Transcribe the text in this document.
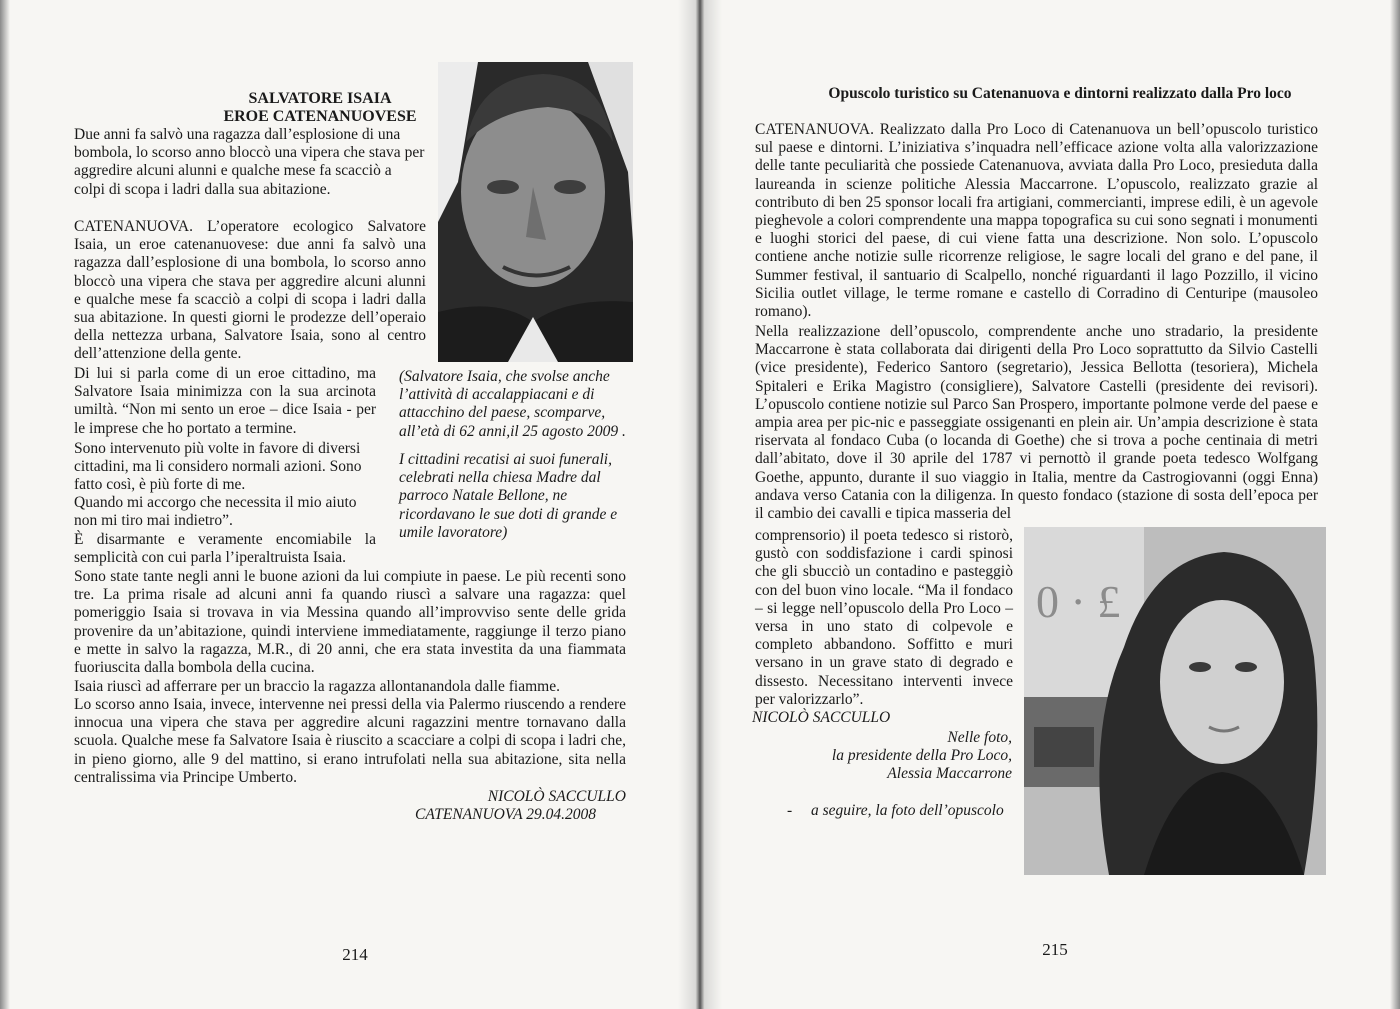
SALVATORE ISAIA
EROE CATENANUOVESE

Due anni fa salvò una ragazza dall’esplosione di una bombola, lo scorso anno bloccò una vipera che stava per aggredire alcuni alunni e qualche mese fa scacciò a colpi di scopa i ladri dalla sua abitazione.

CATENANUOVA. L’operatore ecologico Salvatore Isaia, un eroe catenanuovese: due anni fa salvò una ragazza dall’esplosione di una bombola, lo scorso anno bloccò una vipera che stava per aggredire alcuni alunni e qualche mese fa scacciò a colpi di scopa i ladri dalla sua abitazione. In questi giorni le prodezze dell’operaio della nettezza urbana, Salvatore Isaia, sono al centro dell’attenzione della gente.

Di lui si parla come di un eroe cittadino, ma Salvatore Isaia minimizza con la sua arcinota umiltà. “Non mi sento un eroe – dice Isaia - per le imprese che ho portato a termine.

Sono intervenuto più volte in favore di diversi cittadini, ma li considero normali azioni. Sono fatto così, è più forte di me.

Quando mi accorgo che necessita il mio aiuto non mi tiro mai indietro”.

È disarmante e veramente encomiabile la semplicità con cui parla l’iperaltruista Isaia.

Sono state tante negli anni le buone azioni da lui compiute in paese. Le più recenti sono tre. La prima risale ad alcuni anni fa quando riuscì a salvare una ragazza: quel pomeriggio Isaia si trovava in via Messina quando all’improvviso sente delle grida provenire da un’abitazione, quindi interviene immediatamente, raggiunge il terzo piano e mette in salvo la ragazza, M.R., di 20 anni, che era stata investita da una fiammata fuoriuscita dalla bombola della cucina.

Isaia riuscì ad afferrare per un braccio la ragazza allontanandola dalle fiamme.

Lo scorso anno Isaia, invece, intervenne nei pressi della via Palermo riuscendo a rendere innocua una vipera che stava per aggredire alcuni ragazzini mentre tornavano dalla scuola. Qualche mese fa Salvatore Isaia è riuscito a scacciare a colpi di scopa i ladri che, in pieno giorno, alle 9 del mattino, si erano intrufolati nella sua abitazione, sita nella centralissima via Principe Umberto.

(Salvatore Isaia, che svolse anche l’attività di accalappiacani e di attacchino del paese, scomparve, all’età di 62 anni,il 25 agosto 2009 .

I cittadini recatisi ai suoi funerali, celebrati nella chiesa Madre dal parroco Natale Bellone, ne ricordavano le sue doti di grande e umile lavoratore)

NICOLÒ SACCULLO
CATENANUOVA 29.04.2008
214
Opuscolo turistico su Catenanuova e dintorni realizzato dalla Pro loco

CATENANUOVA. Realizzato dalla Pro Loco di Catenanuova un bell’opuscolo turistico sul paese e dintorni. L’iniziativa s’inquadra nell’efficace azione volta alla valorizzazione delle tante peculiarità che possiede Catenanuova, avviata dalla Pro Loco, presieduta dalla laureanda in scienze politiche Alessia Maccarrone. L’opuscolo, realizzato grazie al contributo di ben 25 sponsor locali fra artigiani, commercianti, imprese edili, è un agevole pieghevole a colori comprendente una mappa topografica su cui sono segnati i monumenti e luoghi storici del paese, di cui viene fatta una descrizione. Non solo. L’opuscolo contiene anche notizie sulle ricorrenze religiose, le sagre locali del grano e del pane, il Summer festival, il santuario di Scalpello, nonché riguardanti il lago Pozzillo, il vicino Sicilia outlet village, le terme romane e castello di Corradino di Centuripe (mausoleo romano).

Nella realizzazione dell’opuscolo, comprendente anche uno stradario, la presidente Maccarrone è stata collaborata dai dirigenti della Pro Loco soprattutto da Silvio Castelli (vice presidente), Federico Santoro (segretario), Jessica Bellotta (tesoriera), Michela Spitaleri e Erika Magistro (consigliere), Salvatore Castelli (presidente dei revisori). L’opuscolo contiene notizie sul Parco San Prospero, importante polmone verde del paese e ampia area per pic-nic e passeggiate ossigenanti en plein air. Un’ampia descrizione è stata riservata al fondaco Cuba (o locanda di Goethe) che si trova a poche centinaia di metri dall’abitato, dove il 30 aprile del 1787 vi pernottò il grande poeta tedesco Wolfgang Goethe, appunto, durante il suo viaggio in Italia, mentre da Castrogiovanni (oggi Enna) andava verso Catania con la diligenza. In questo fondaco (stazione di sosta dell’epoca per il cambio dei cavalli e tipica masseria del

comprensorio) il poeta tedesco si ristorò, gustò con soddisfazione i cardi spinosi che gli sbucciò un contadino e pasteggiò con del buon vino locale. “Ma il fondaco – si legge nell’opuscolo della Pro Loco – versa in uno stato di colpevole e completo abbandono. Soffitto e muri versano in un grave stato di degrado e dissesto. Necessitano interventi invece per valorizzarlo”.

NICOLÒ SACCULLO
Nelle foto,
la presidente della Pro Loco,
Alessia Maccarrone
-	a seguire, la foto dell’opuscolo
215
0 · £
